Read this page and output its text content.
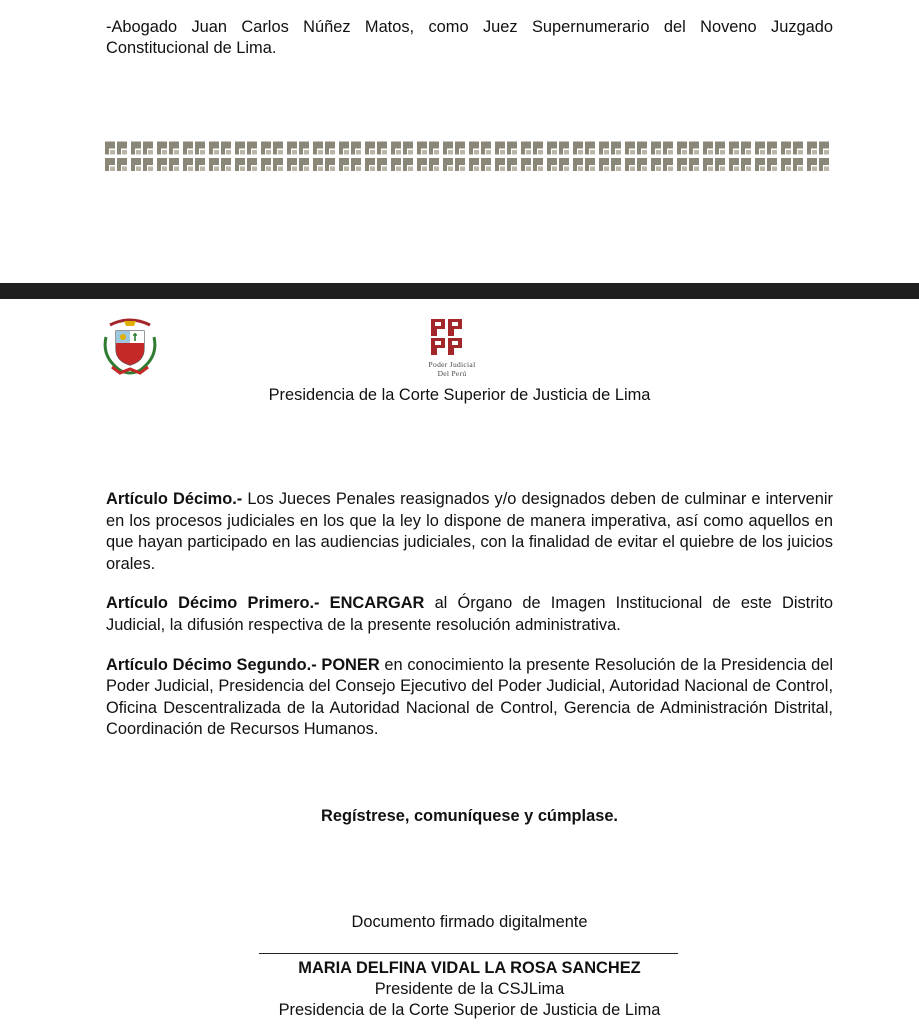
-Abogado Juan Carlos Núñez Matos, como Juez Supernumerario del Noveno Juzgado Constitucional de Lima.
Poder Judicial
Del Perú
Presidencia de la Corte Superior de Justicia de Lima

Artículo Décimo.- Los Jueces Penales reasignados y/o designados deben de culminar e intervenir en los procesos judiciales en los que la ley lo dispone de manera imperativa, así como aquellos en que hayan participado en las audiencias judiciales, con la finalidad de evitar el quiebre de los juicios orales.

Artículo Décimo Primero.- ENCARGAR al Órgano de Imagen Institucional de este Distrito Judicial, la difusión respectiva de la presente resolución administrativa.

Artículo Décimo Segundo.- PONER en conocimiento la presente Resolución de la Presidencia del Poder Judicial, Presidencia del Consejo Ejecutivo del Poder Judicial, Autoridad Nacional de Control, Oficina Descentralizada de la Autoridad Nacional de Control, Gerencia de Administración Distrital, Coordinación de Recursos Humanos.

Regístrese, comuníquese y cúmplase.
Documento firmado digitalmente
MARIA DELFINA VIDAL LA ROSA SANCHEZ
Presidente de la CSJLima
Presidencia de la Corte Superior de Justicia de Lima
